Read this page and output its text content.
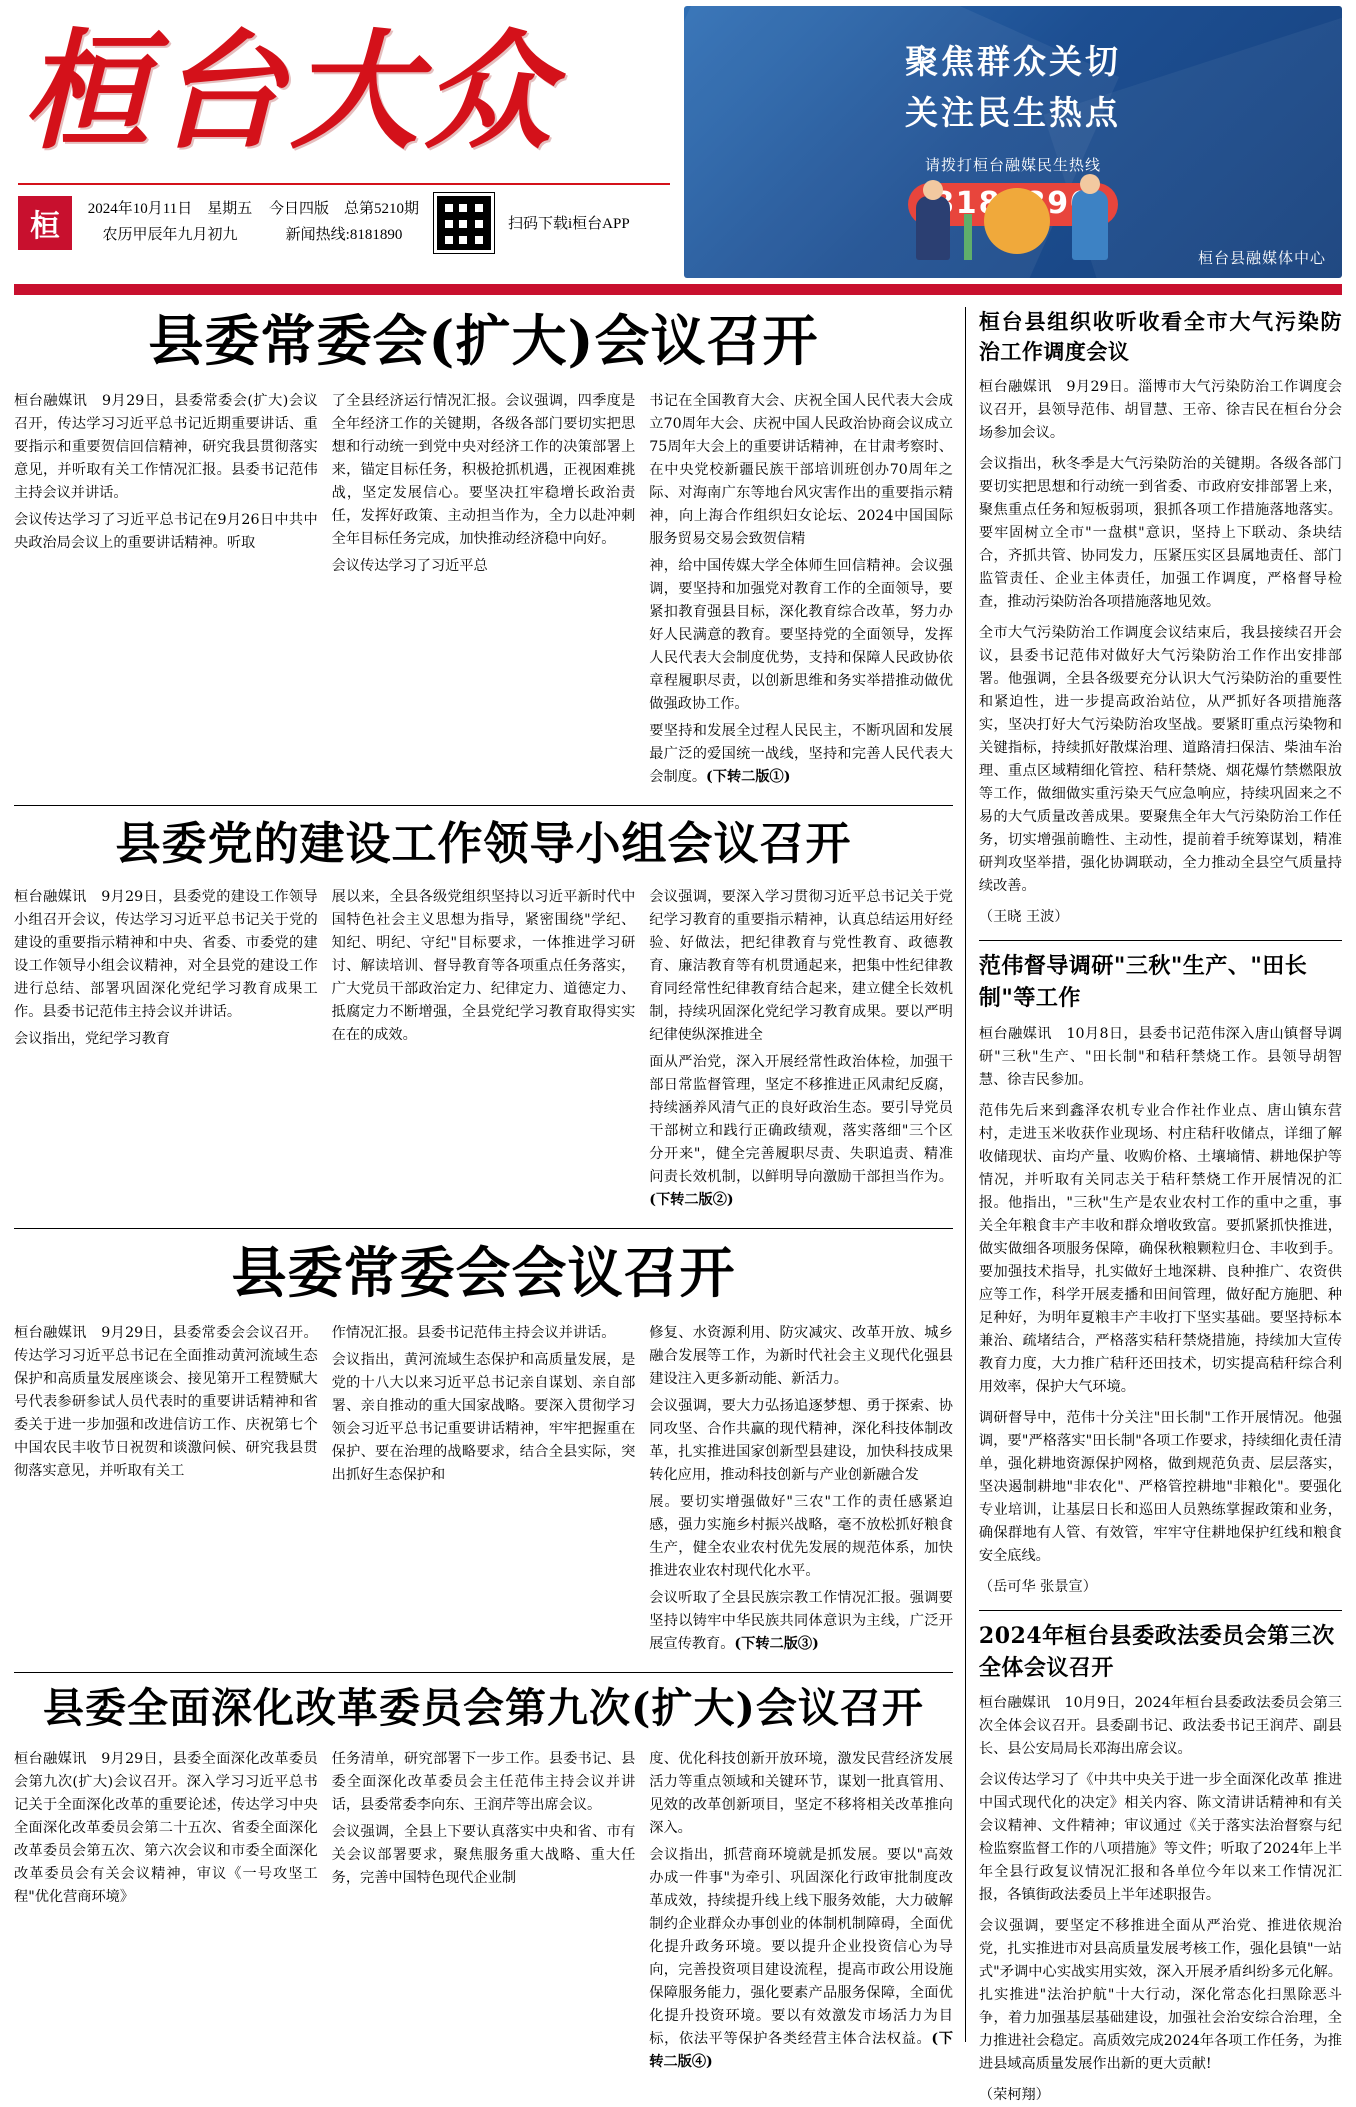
桓台大众
桓	2024年10月11日　星期五
农历甲辰年九月初九
今日四版　总第5210期
新闻热线:8181890
扫码下载i桓台APP
聚焦群众关切
关注民生热点
请拨打桓台融媒民生热线
桓台县融媒体中心
县委常委会(扩大)会议召开

桓台融媒讯　9月29日，县委常委会(扩大)会议召开，传达学习习近平总书记近期重要讲话、重要指示和重要贺信回信精神，研究我县贯彻落实意见，并听取有关工作情况汇报。县委书记范伟主持会议并讲话。

会议传达学习了习近平总书记在9月26日中共中央政治局会议上的重要讲话精神。听取

了全县经济运行情况汇报。会议强调，四季度是全年经济工作的关键期，各级各部门要切实把思想和行动统一到党中央对经济工作的决策部署上来，锚定目标任务，积极抢抓机遇，正视困难挑战，坚定发展信心。要坚决扛牢稳增长政治责任，发挥好政策、主动担当作为，全力以赴冲刺全年目标任务完成，加快推动经济稳中向好。

会议传达学习了习近平总

书记在全国教育大会、庆祝全国人民代表大会成立70周年大会、庆祝中国人民政治协商会议成立75周年大会上的重要讲话精神，在甘肃考察时、在中央党校新疆民族干部培训班创办70周年之际、对海南广东等地台风灾害作出的重要指示精神，向上海合作组织妇女论坛、2024中国国际服务贸易交易会致贺信精

神，给中国传媒大学全体师生回信精神。会议强调，要坚持和加强党对教育工作的全面领导，要紧扣教育强县目标，深化教育综合改革，努力办好人民满意的教育。要坚持党的全面领导，发挥人民代表大会制度优势，支持和保障人民政协依章程履职尽责，以创新思维和务实举措推动做优做强政协工作。

要坚持和发展全过程人民民主，不断巩固和发展最广泛的爱国统一战线，坚持和完善人民代表大会制度。(下转二版①)

县委党的建设工作领导小组会议召开

桓台融媒讯　9月29日，县委党的建设工作领导小组召开会议，传达学习习近平总书记关于党的建设的重要指示精神和中央、省委、市委党的建设工作领导小组会议精神，对全县党的建设工作进行总结、部署巩固深化党纪学习教育成果工作。县委书记范伟主持会议并讲话。

会议指出，党纪学习教育

展以来，全县各级党组织坚持以习近平新时代中国特色社会主义思想为指导，紧密围绕"学纪、知纪、明纪、守纪"目标要求，一体推进学习研讨、解读培训、督导教育等各项重点任务落实，广大党员干部政治定力、纪律定力、道德定力、抵腐定力不断增强，全县党纪学习教育取得实实在在的成效。

会议强调，要深入学习贯彻习近平总书记关于党纪学习教育的重要指示精神，认真总结运用好经验、好做法，把纪律教育与党性教育、政德教育、廉洁教育等有机贯通起来，把集中性纪律教育同经常性纪律教育结合起来，建立健全长效机制，持续巩固深化党纪学习教育成果。要以严明纪律使纵深推进全

面从严治党，深入开展经常性政治体检，加强干部日常监督管理，坚定不移推进正风肃纪反腐，持续涵养风清气正的良好政治生态。要引导党员干部树立和践行正确政绩观，落实落细"三个区分开来"，健全完善履职尽责、失职追责、精准问责长效机制，以鲜明导向激励干部担当作为。(下转二版②)

县委常委会会议召开

桓台融媒讯　9月29日，县委常委会会议召开。传达学习习近平总书记在全面推动黄河流域生态保护和高质量发展座谈会、接见第开工程赞赋大号代表参研参试人员代表时的重要讲话精神和省委关于进一步加强和改进信访工作、庆祝第七个中国农民丰收节日祝贺和谈激问候、研究我县贯彻落实意见，并听取有关工

作情况汇报。县委书记范伟主持会议并讲话。

会议指出，黄河流域生态保护和高质量发展，是党的十八大以来习近平总书记亲自谋划、亲自部署、亲自推动的重大国家战略。要深入贯彻学习领会习近平总书记重要讲话精神，牢牢把握重在保护、要在治理的战略要求，结合全县实际，突出抓好生态保护和

修复、水资源利用、防灾减灾、改革开放、城乡融合发展等工作，为新时代社会主义现代化强县建设注入更多新动能、新活力。

会议强调，要大力弘扬追逐梦想、勇于探索、协同攻坚、合作共赢的现代精神，深化科技体制改革，扎实推进国家创新型县建设，加快科技成果转化应用，推动科技创新与产业创新融合发

展。要切实增强做好"三农"工作的责任感紧迫感，强力实施乡村振兴战略，毫不放松抓好粮食生产，健全农业农村优先发展的规范体系，加快推进农业农村现代化水平。

会议听取了全县民族宗教工作情况汇报。强调要坚持以铸牢中华民族共同体意识为主线，广泛开展宣传教育。(下转二版③)

县委全面深化改革委员会第九次(扩大)会议召开

桓台融媒讯　9月29日，县委全面深化改革委员会第九次(扩大)会议召开。深入学习习近平总书记关于全面深化改革的重要论述，传达学习中央全面深化改革委员会第二十五次、省委全面深化改革委员会第五次、第六次会议和市委全面深化改革委员会有关会议精神，审议《一号攻坚工程"优化营商环境》

任务清单，研究部署下一步工作。县委书记、县委全面深化改革委员会主任范伟主持会议并讲话，县委常委李向东、王润芹等出席会议。

会议强调，全县上下要认真落实中央和省、市有关会议部署要求，聚焦服务重大战略、重大任务，完善中国特色现代企业制

度、优化科技创新开放环境，激发民营经济发展活力等重点领域和关键环节，谋划一批真管用、见效的改革创新项目，坚定不移将相关改革推向深入。

会议指出，抓营商环境就是抓发展。要以"高效办成一件事"为牵引、巩固深化行政审批制度改革成效，持续提升线上线下服务效能，大力破解制约企业群众办事创业的体制机制障碍，全面优化提升政务环境。要以提升企业投资信心为导向，完善投资项目建设流程，提高市政公用设施保障服务能力，强化要素产品服务保障，全面优化提升投资环境。要以有效激发市场活力为目标，依法平等保护各类经营主体合法权益。(下转二版④)

桓台县组织收听收看全市大气污染防治工作调度会议

桓台融媒讯　9月29日。淄博市大气污染防治工作调度会议召开，县领导范伟、胡冒慧、王帝、徐吉民在桓台分会场参加会议。

会议指出，秋冬季是大气污染防治的关键期。各级各部门要切实把思想和行动统一到省委、市政府安排部署上来，聚焦重点任务和短板弱项，狠抓各项工作措施落地落实。要牢固树立全市"一盘棋"意识，坚持上下联动、条块结合，齐抓共管、协同发力，压紧压实区县属地责任、部门监管责任、企业主体责任，加强工作调度，严格督导检查，推动污染防治各项措施落地见效。

全市大气污染防治工作调度会议结束后，我县接续召开会议，县委书记范伟对做好大气污染防治工作作出安排部署。他强调，全县各级要充分认识大气污染防治的重要性和紧迫性，进一步提高政治站位，从严抓好各项措施落实，坚决打好大气污染防治攻坚战。要紧盯重点污染物和关键指标，持续抓好散煤治理、道路清扫保洁、柴油车治理、重点区域精细化管控、秸秆禁烧、烟花爆竹禁燃限放等工作，做细做实重污染天气应急响应，持续巩固来之不易的大气质量改善成果。要聚焦全年大气污染防治工作任务，切实增强前瞻性、主动性，提前着手统筹谋划，精准研判攻坚举措，强化协调联动，全力推动全县空气质量持续改善。

（王晓 王波）

范伟督导调研"三秋"生产、"田长制"等工作

桓台融媒讯　10月8日，县委书记范伟深入唐山镇督导调研"三秋"生产、"田长制"和秸秆禁烧工作。县领导胡智慧、徐吉民参加。

范伟先后来到鑫泽农机专业合作社作业点、唐山镇东营村，走进玉米收获作业现场、村庄秸秆收储点，详细了解收储现状、亩均产量、收购价格、土壤墒情、耕地保护等情况，并听取有关同志关于秸秆禁烧工作开展情况的汇报。他指出，"三秋"生产是农业农村工作的重中之重，事关全年粮食丰产丰收和群众增收致富。要抓紧抓快推进，做实做细各项服务保障，确保秋粮颗粒归仓、丰收到手。要加强技术指导，扎实做好土地深耕、良种推广、农资供应等工作，科学开展麦播和田间管理，做好配方施肥、种足种好，为明年夏粮丰产丰收打下坚实基础。要坚持标本兼治、疏堵结合，严格落实秸秆禁烧措施，持续加大宣传教育力度，大力推广秸秆还田技术，切实提高秸秆综合利用效率，保护大气环境。

调研督导中，范伟十分关注"田长制"工作开展情况。他强调，要"严格落实"田长制"各项工作要求，持续细化责任清单，强化耕地资源保护网格，做到规范负责、层层落实，坚决遏制耕地"非农化"、严格管控耕地"非粮化"。要强化专业培训，让基层日长和巡田人员熟练掌握政策和业务，确保群地有人管、有效管，牢牢守住耕地保护红线和粮食安全底线。

（岳可华 张景宣）

2024年桓台县委政法委员会第三次全体会议召开

桓台融媒讯　10月9日，2024年桓台县委政法委员会第三次全体会议召开。县委副书记、政法委书记王润芹、副县长、县公安局局长邓海出席会议。

会议传达学习了《中共中央关于进一步全面深化改革 推进中国式现代化的决定》相关内容、陈文清讲话精神和有关会议精神、文件精神；审议通过《关于落实法治督察与纪检监察监督工作的八项措施》等文件；听取了2024年上半年全县行政复议情况汇报和各单位今年以来工作情况汇报，各镇街政法委员上半年述职报告。

会议强调，要坚定不移推进全面从严治党、推进依规治党，扎实推进市对县高质量发展考核工作，强化县镇"一站式"矛调中心实战实用实效，深入开展矛盾纠纷多元化解。扎实推进"法治护航"十大行动，深化常态化扫黑除恶斗争，着力加强基层基础建设，加强社会治安综合治理，全力推进社会稳定。高质效完成2024年各项工作任务，为推进县域高质量发展作出新的更大贡献!

（荣柯翔）
